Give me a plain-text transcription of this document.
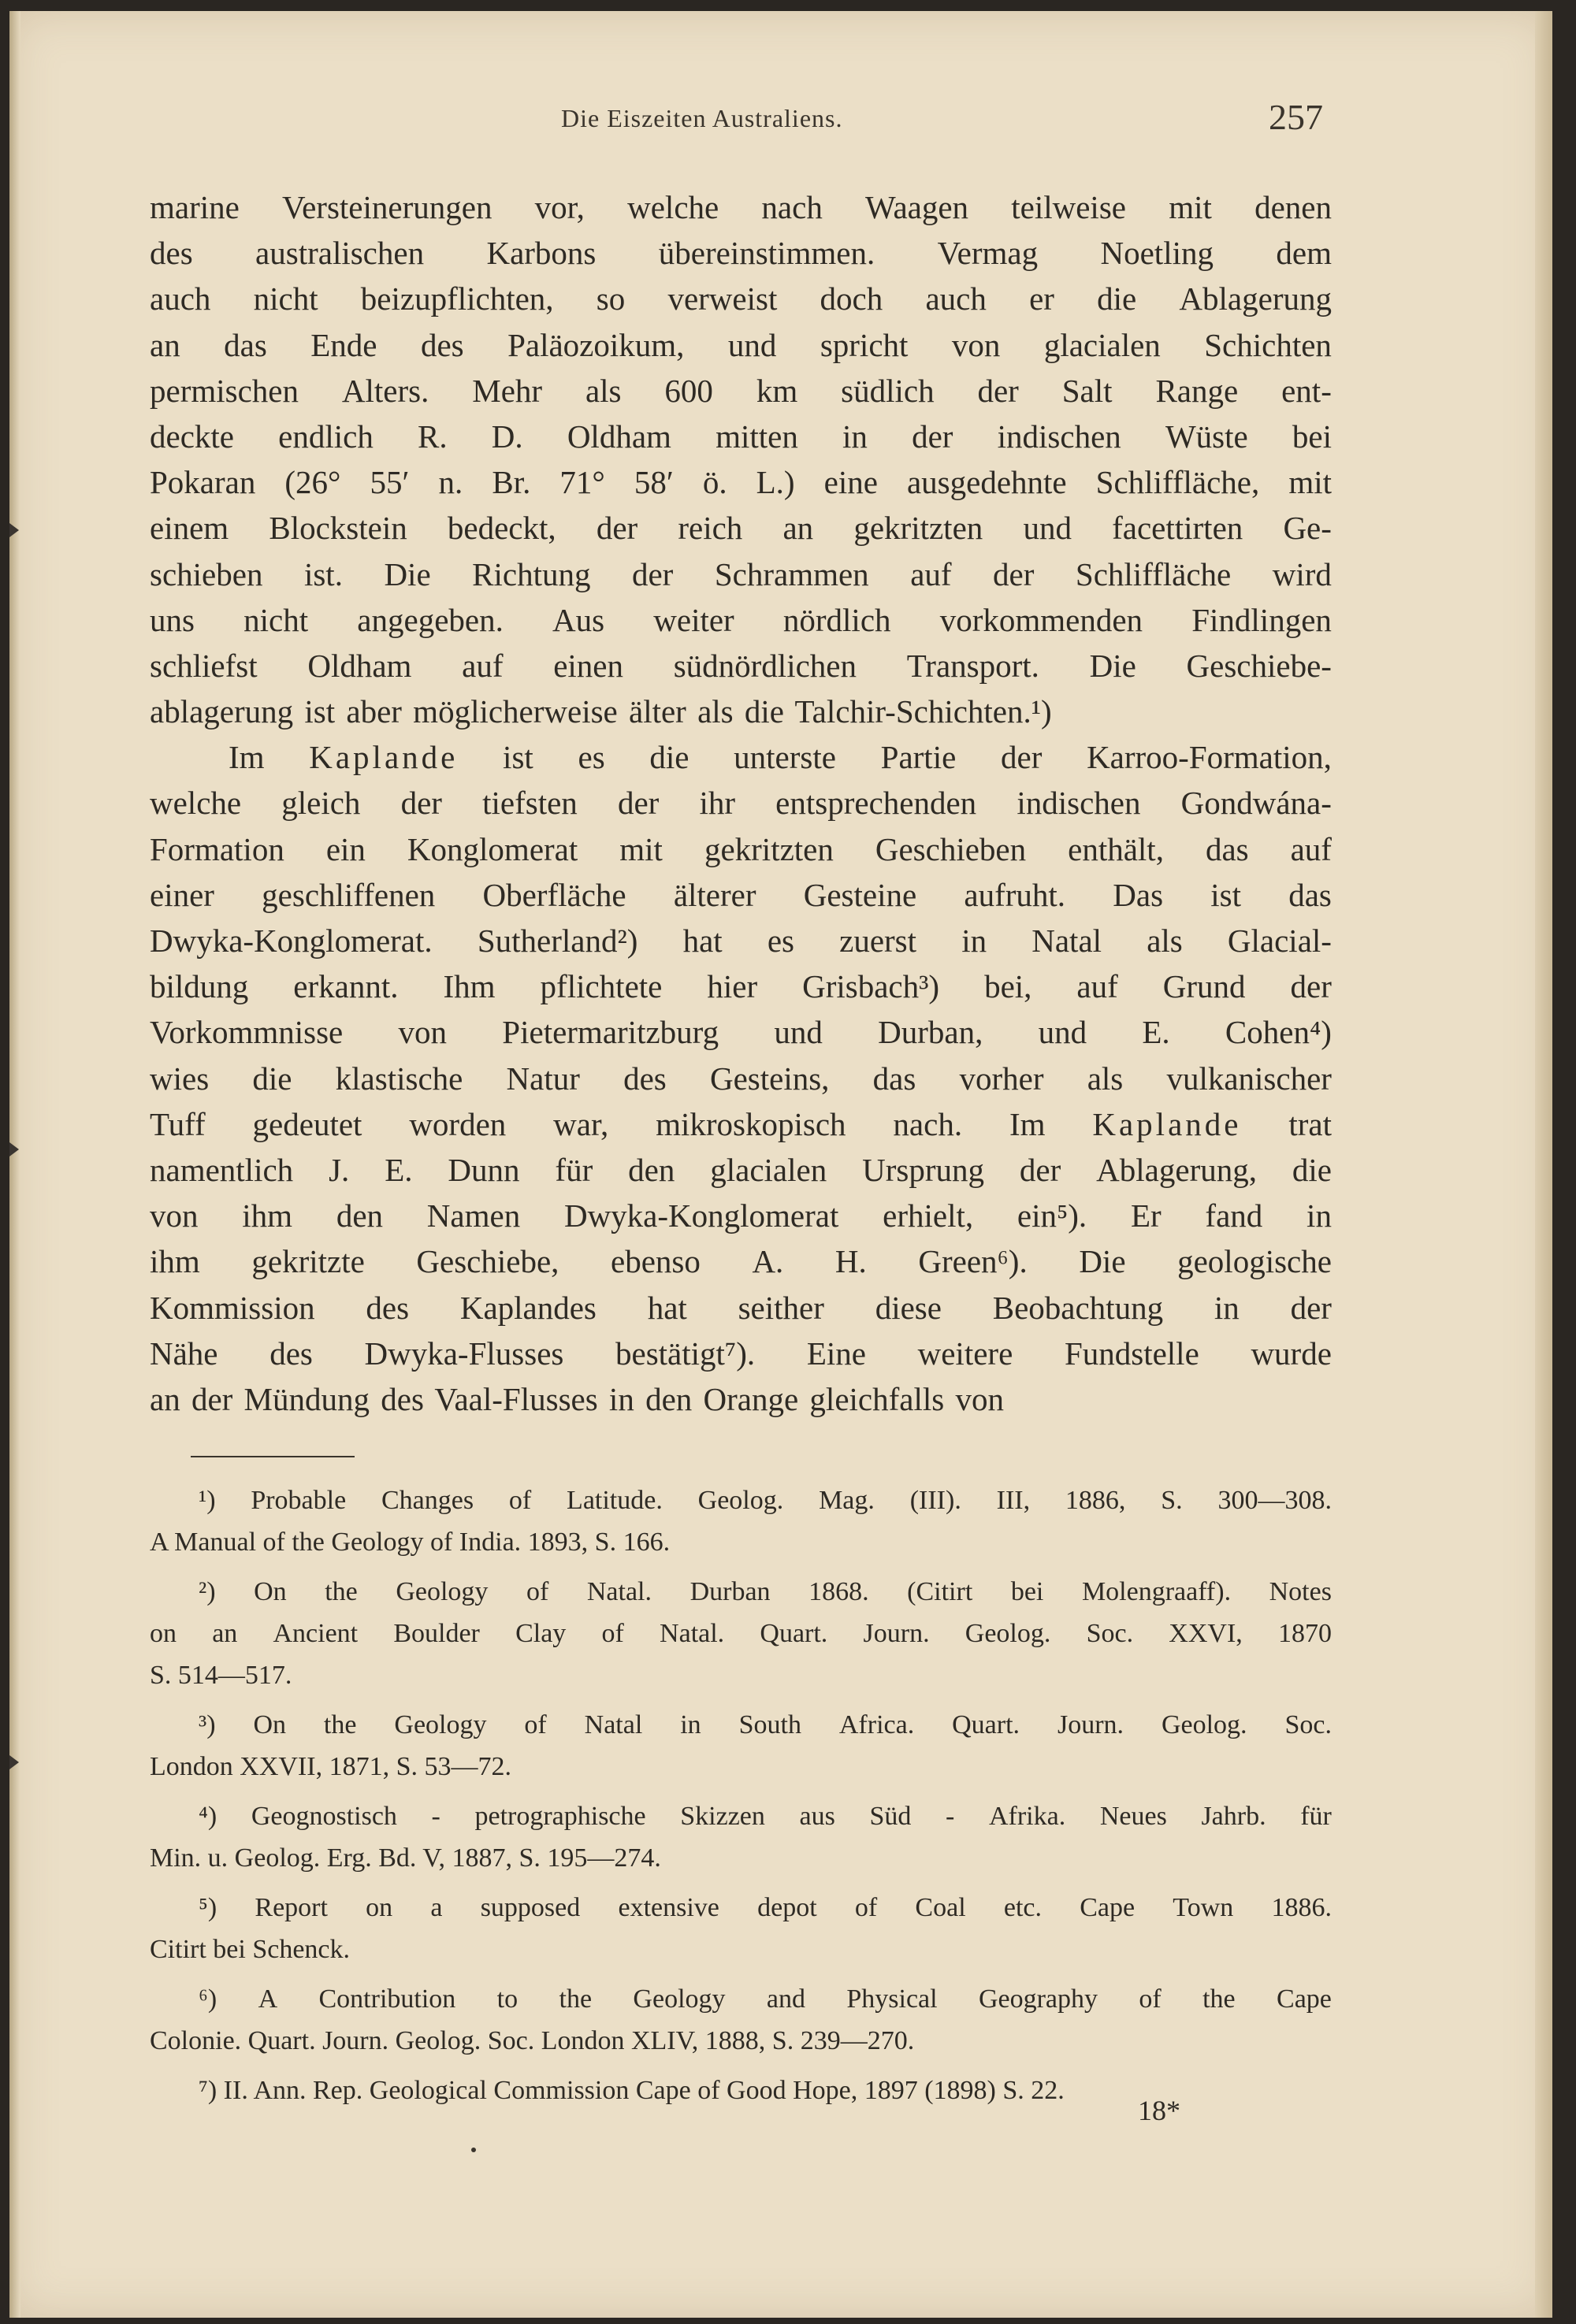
Die Eiszeiten Australiens.	257
marine Versteinerungen vor, welche nach Waagen teilweise mit denen
des australischen Karbons übereinstimmen. Vermag Noetling dem
auch nicht beizupflichten, so verweist doch auch er die Ablagerung
an das Ende des Paläozoikum, und spricht von glacialen Schichten
permischen Alters. Mehr als 600 km südlich der Salt Range ent-
deckte endlich R. D. Oldham mitten in der indischen Wüste bei
Pokaran (26° 55′ n. Br. 71° 58′ ö. L.) eine ausgedehnte Schliffläche, mit
einem Blockstein bedeckt, der reich an gekritzten und facettirten Ge-
schieben ist. Die Richtung der Schrammen auf der Schliffläche wird
uns nicht angegeben. Aus weiter nördlich vorkommenden Findlingen
schliefst Oldham auf einen südnördlichen Transport. Die Geschiebe-
ablagerung ist aber möglicherweise älter als die Talchir-Schichten.¹)
Im Kaplande ist es die unterste Partie der Karroo-Formation,
welche gleich der tiefsten der ihr entsprechenden indischen Gondwána-
Formation ein Konglomerat mit gekritzten Geschieben enthält, das auf
einer geschliffenen Oberfläche älterer Gesteine aufruht. Das ist das
Dwyka-Konglomerat. Sutherland²) hat es zuerst in Natal als Glacial-
bildung erkannt. Ihm pflichtete hier Grisbach³) bei, auf Grund der
Vorkommnisse von Pietermaritzburg und Durban, und E. Cohen⁴)
wies die klastische Natur des Gesteins, das vorher als vulkanischer
Tuff gedeutet worden war, mikroskopisch nach. Im Kaplande trat
namentlich J. E. Dunn für den glacialen Ursprung der Ablagerung, die
von ihm den Namen Dwyka-Konglomerat erhielt, ein⁵). Er fand in
ihm gekritzte Geschiebe, ebenso A. H. Green⁶). Die geologische
Kommission des Kaplandes hat seither diese Beobachtung in der
Nähe des Dwyka-Flusses bestätigt⁷). Eine weitere Fundstelle wurde
an der Mündung des Vaal-Flusses in den Orange gleichfalls von
¹) Probable Changes of Latitude. Geolog. Mag. (III). III, 1886, S. 300—308.
A Manual of the Geology of India. 1893, S. 166.
²) On the Geology of Natal. Durban 1868. (Citirt bei Molengraaff). Notes
on an Ancient Boulder Clay of Natal. Quart. Journ. Geolog. Soc. XXVI, 1870
S. 514—517.
³) On the Geology of Natal in South Africa. Quart. Journ. Geolog. Soc.
London XXVII, 1871, S. 53—72.
⁴) Geognostisch - petrographische Skizzen aus Süd - Afrika. Neues Jahrb. für
Min. u. Geolog. Erg. Bd. V, 1887, S. 195—274.
⁵) Report on a supposed extensive depot of Coal etc. Cape Town 1886.
Citirt bei Schenck.
⁶) A Contribution to the Geology and Physical Geography of the Cape
Colonie. Quart. Journ. Geolog. Soc. London XLIV, 1888, S. 239—270.
⁷) II. Ann. Rep. Geological Commission Cape of Good Hope, 1897 (1898) S. 22.
18*
